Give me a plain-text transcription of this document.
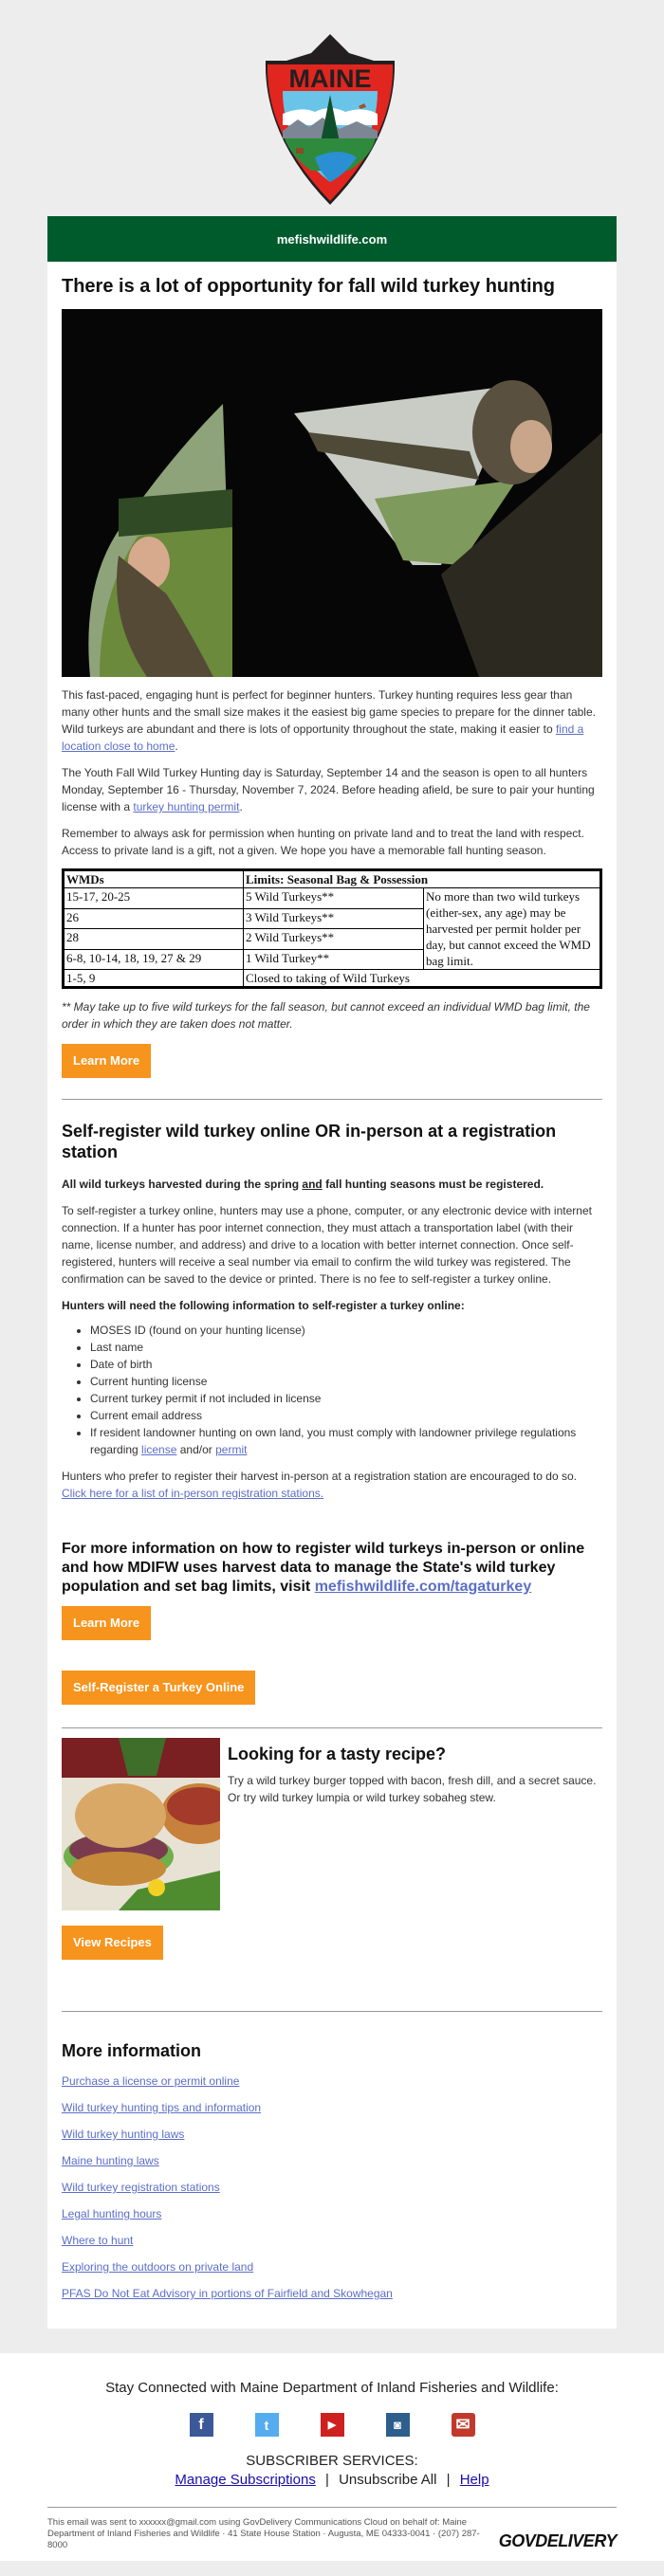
MAINE
mefishwildlife.com
There is a lot of opportunity for fall wild turkey hunting

This fast-paced, engaging hunt is perfect for beginner hunters. Turkey hunting requires less gear than many other hunts and the small size makes it the easiest big game species to prepare for the dinner table. Wild turkeys are abundant and there is lots of opportunity throughout the state, making it easier to find a location close to home.

The Youth Fall Wild Turkey Hunting day is Saturday, September 14 and the season is open to all hunters Monday, September 16 - Thursday, November 7, 2024. Before heading afield, be sure to pair your hunting license with a turkey hunting permit.

Remember to always ask for permission when hunting on private land and to treat the land with respect. Access to private land is a gift, not a given. We hope you have a memorable fall hunting season.

WMDs	Limits: Seasonal Bag & Possession	
15-17, 20-25	5 Wild Turkeys**	No more than two wild turkeys (either-sex, any age) may be harvested per permit holder per day, but cannot exceed the WMD bag limit.
26	3 Wild Turkeys**	
28	2 Wild Turkeys**	
6-8, 10-14, 18, 19, 27 & 29	1 Wild Turkey**	
1-5, 9	Closed to taking of Wild Turkeys	

** May take up to five wild turkeys for the fall season, but cannot exceed an individual WMD bag limit, the order in which they are taken does not matter.

Learn More
Self-register wild turkey online OR in-person at a registration station

All wild turkeys harvested during the spring and fall hunting seasons must be registered.

To self-register a turkey online, hunters may use a phone, computer, or any electronic device with internet connection. If a hunter has poor internet connection, they must attach a transportation label (with their name, license number, and address) and drive to a location with better internet connection. Once self-registered, hunters will receive a seal number via email to confirm the wild turkey was registered. The confirmation can be saved to the device or printed. There is no fee to self-register a turkey online.

Hunters will need the following information to self-register a turkey online:

• MOSES ID (found on your hunting license)
• Last name
• Date of birth
• Current hunting license
• Current turkey permit if not included in license
• Current email address
• If resident landowner hunting on own land, you must comply with landowner privilege regulations regarding license and/or permit

Hunters who prefer to register their harvest in-person at a registration station are encouraged to do so. Click here for a list of in-person registration stations.

For more information on how to register wild turkeys in-person or online and how MDIFW uses harvest data to manage the State's wild turkey population and set bag limits, visit mefishwildlife.com/tagaturkey

Learn More
Self-Register a Turkey Online
Looking for a tasty recipe?

Try a wild turkey burger topped with bacon, fresh dill, and a secret sauce. Or try wild turkey lumpia or wild turkey sobaheg stew.

View Recipes
More information
Purchase a license or permit online
Wild turkey hunting tips and information
Wild turkey hunting laws
Maine hunting laws
Wild turkey registration stations
Legal hunting hours
Where to hunt
Exploring the outdoors on private land
PFAS Do Not Eat Advisory in portions of Fairfield and Skowhegan
Stay Connected with Maine Department of Inland Fisheries and Wildlife:
f	t	▶	◙	✉
SUBSCRIBER SERVICES:
Manage Subscriptions | Unsubscribe All | Help
This email was sent to xxxxxx@gmail.com using GovDelivery Communications Cloud on behalf of: Maine Department of Inland Fisheries and Wildlife · 41 State House Station · Augusta, ME 04333-0041 · (207) 287-8000	GOVDELIVERY
